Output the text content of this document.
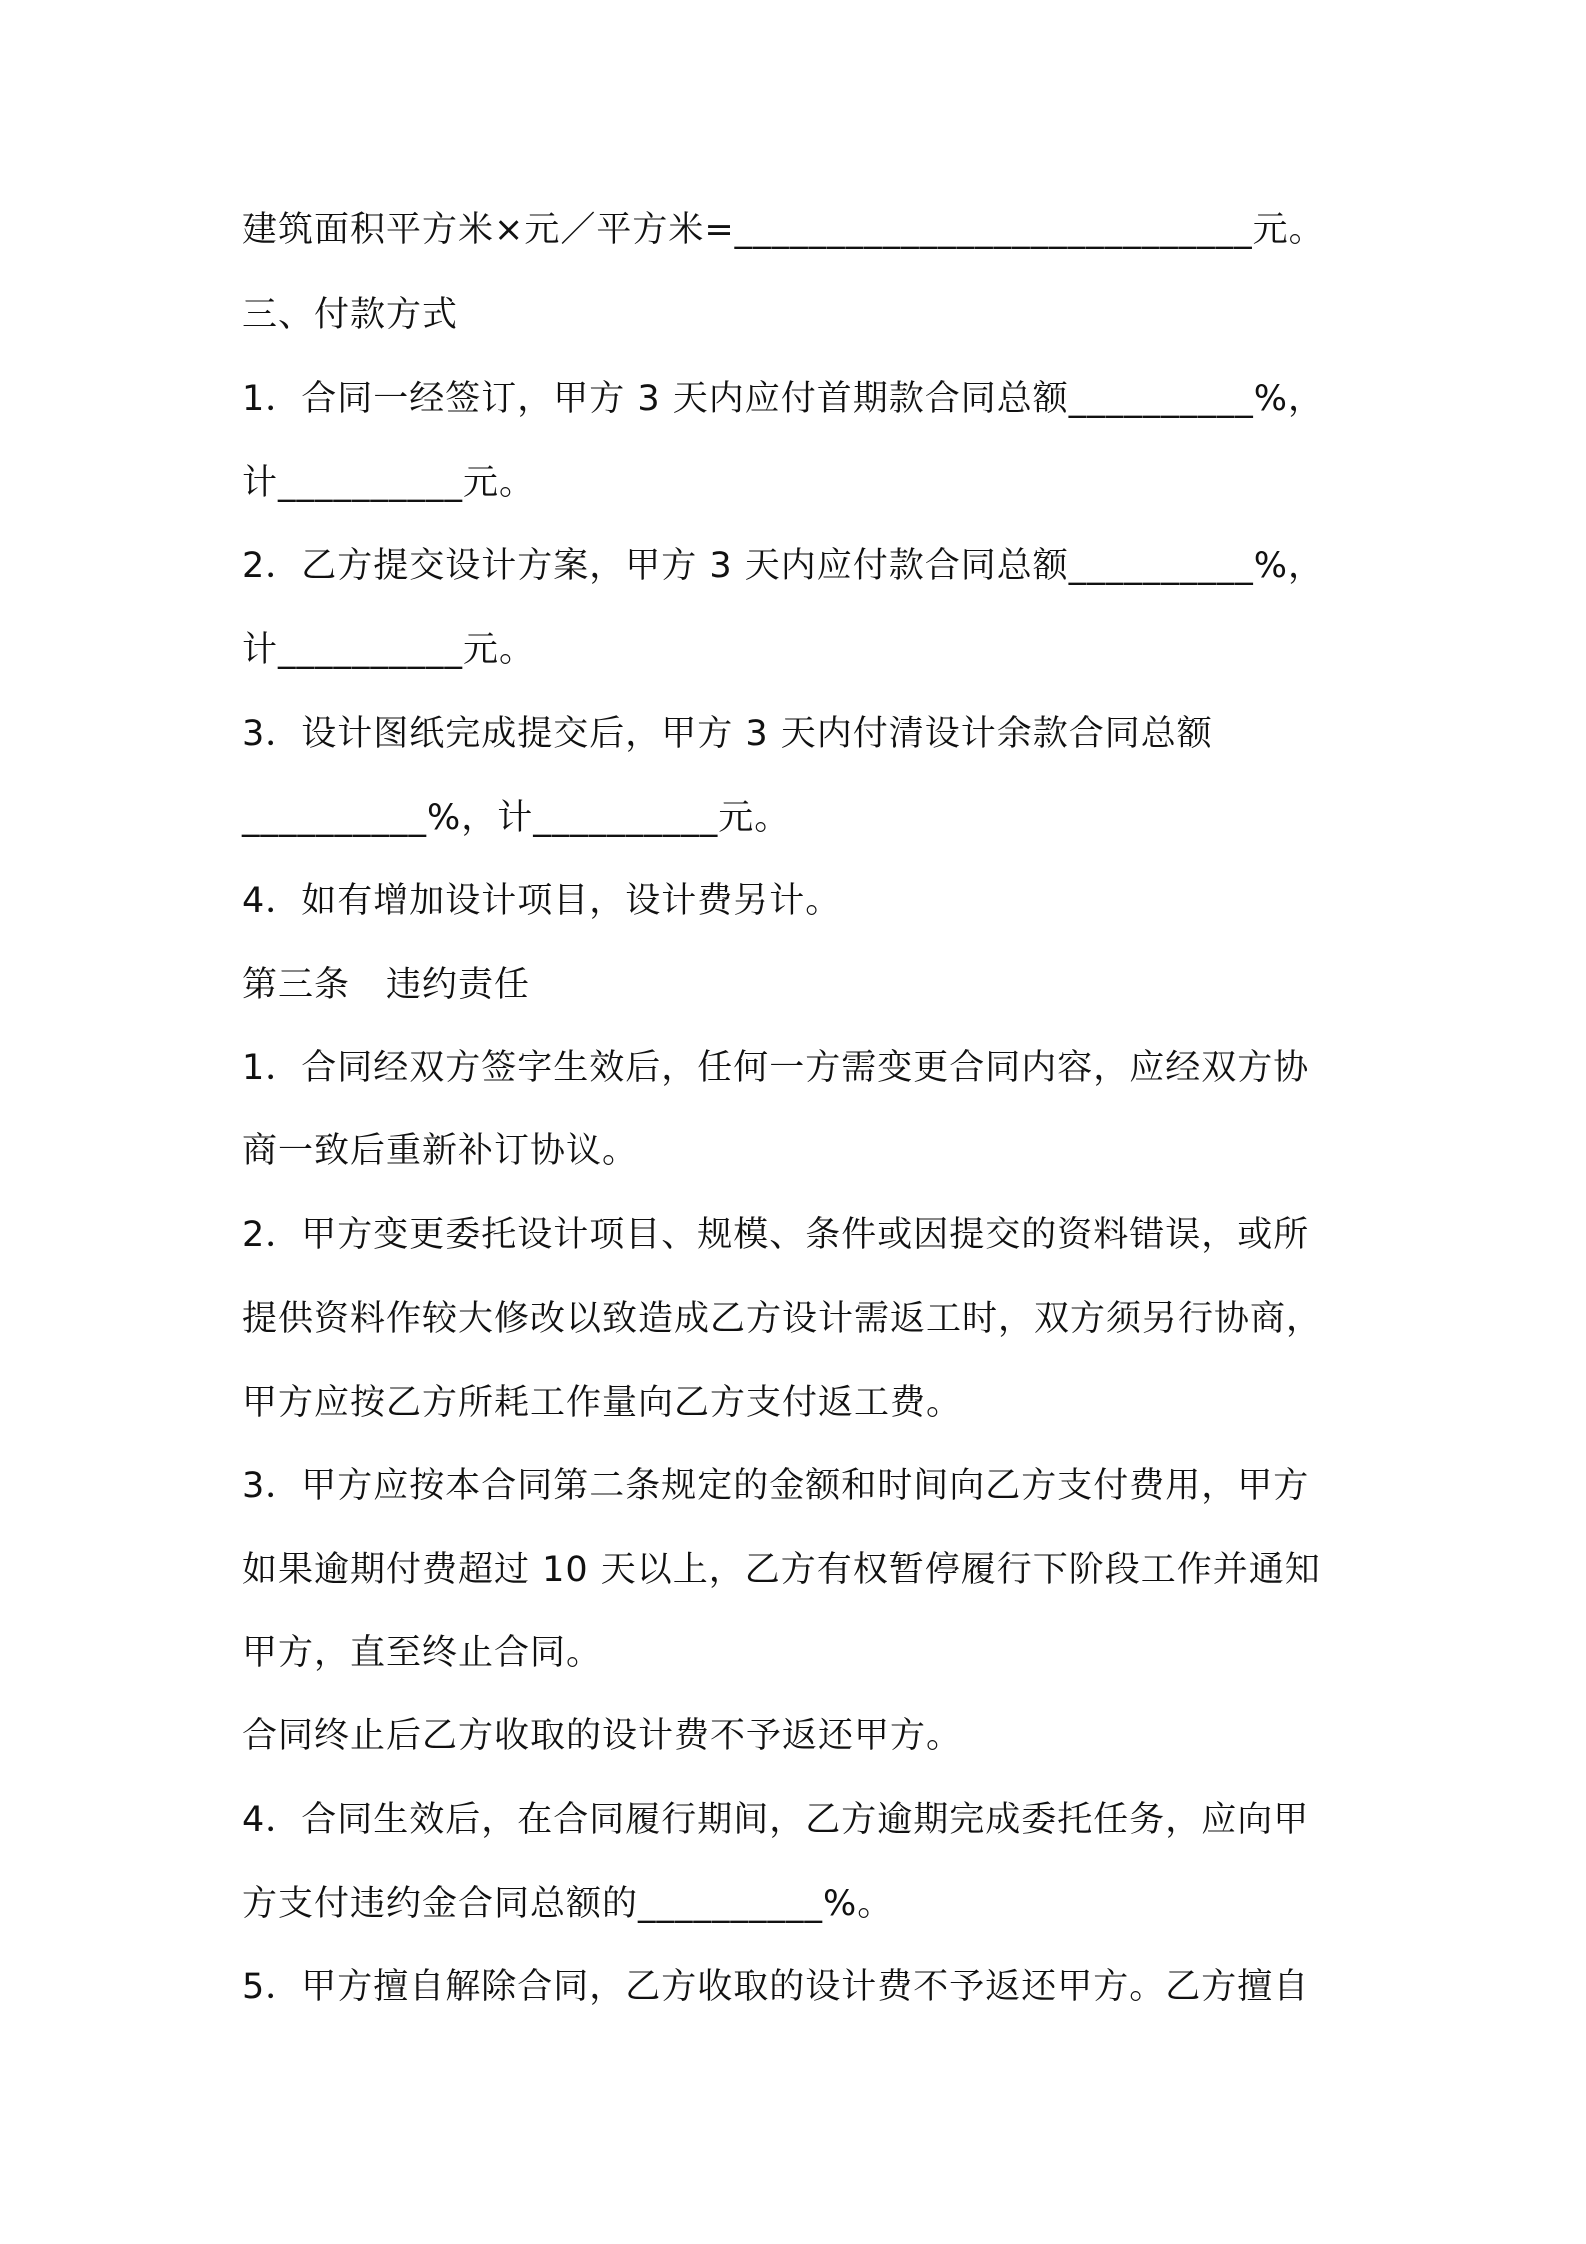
建筑面积平方米×元／平方米=____________________________元。
三、付款方式
1．合同一经签订，甲方 3 天内应付首期款合同总额__________%，
计__________元。
2．乙方提交设计方案，甲方 3 天内应付款合同总额__________%，
计__________元。
3．设计图纸完成提交后，甲方 3 天内付清设计余款合同总额
__________%，计__________元。
4．如有增加设计项目，设计费另计。
第三条　违约责任
1．合同经双方签字生效后，任何一方需变更合同内容，应经双方协
商一致后重新补订协议。
2．甲方变更委托设计项目、规模、条件或因提交的资料错误，或所
提供资料作较大修改以致造成乙方设计需返工时，双方须另行协商，
甲方应按乙方所耗工作量向乙方支付返工费。
3．甲方应按本合同第二条规定的金额和时间向乙方支付费用，甲方
如果逾期付费超过 10 天以上，乙方有权暂停履行下阶段工作并通知
甲方，直至终止合同。
合同终止后乙方收取的设计费不予返还甲方。
4．合同生效后，在合同履行期间，乙方逾期完成委托任务，应向甲
方支付违约金合同总额的__________%。
5．甲方擅自解除合同，乙方收取的设计费不予返还甲方。乙方擅自
